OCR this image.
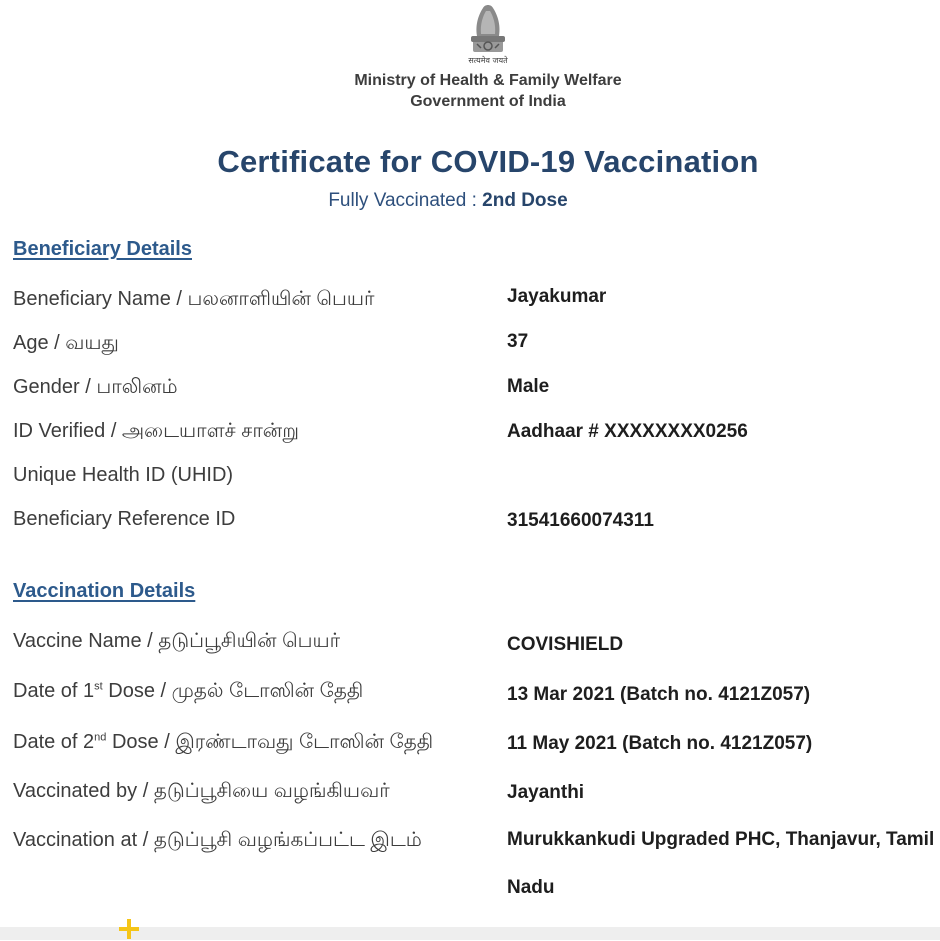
सत्यमेव जयते
Ministry of Health & Family Welfare
Government of India
Certificate for COVID-19 Vaccination
Fully Vaccinated : 2nd Dose
Beneficiary Details
Beneficiary Name / பலனாளியின் பெயர்	Jayakumar
Age / வயது	37
Gender / பாலினம்	Male
ID Verified / அடையாளச் சான்று	Aadhaar # XXXXXXXX0256
Unique Health ID (UHID)
Beneficiary Reference ID	31541660074311
Vaccination Details
Vaccine Name / தடுப்பூசியின் பெயர்	COVISHIELD
Date of 1st Dose / முதல் டோஸின் தேதி	13 Mar 2021 (Batch no. 4121Z057)
Date of 2nd Dose / இரண்டாவது டோஸின் தேதி	11 May 2021 (Batch no. 4121Z057)
Vaccinated by / தடுப்பூசியை வழங்கியவர்	Jayanthi
Vaccination at / தடுப்பூசி வழங்கப்பட்ட இடம்	Murukkankudi Upgraded PHC, Thanjavur, Tamil Nadu
